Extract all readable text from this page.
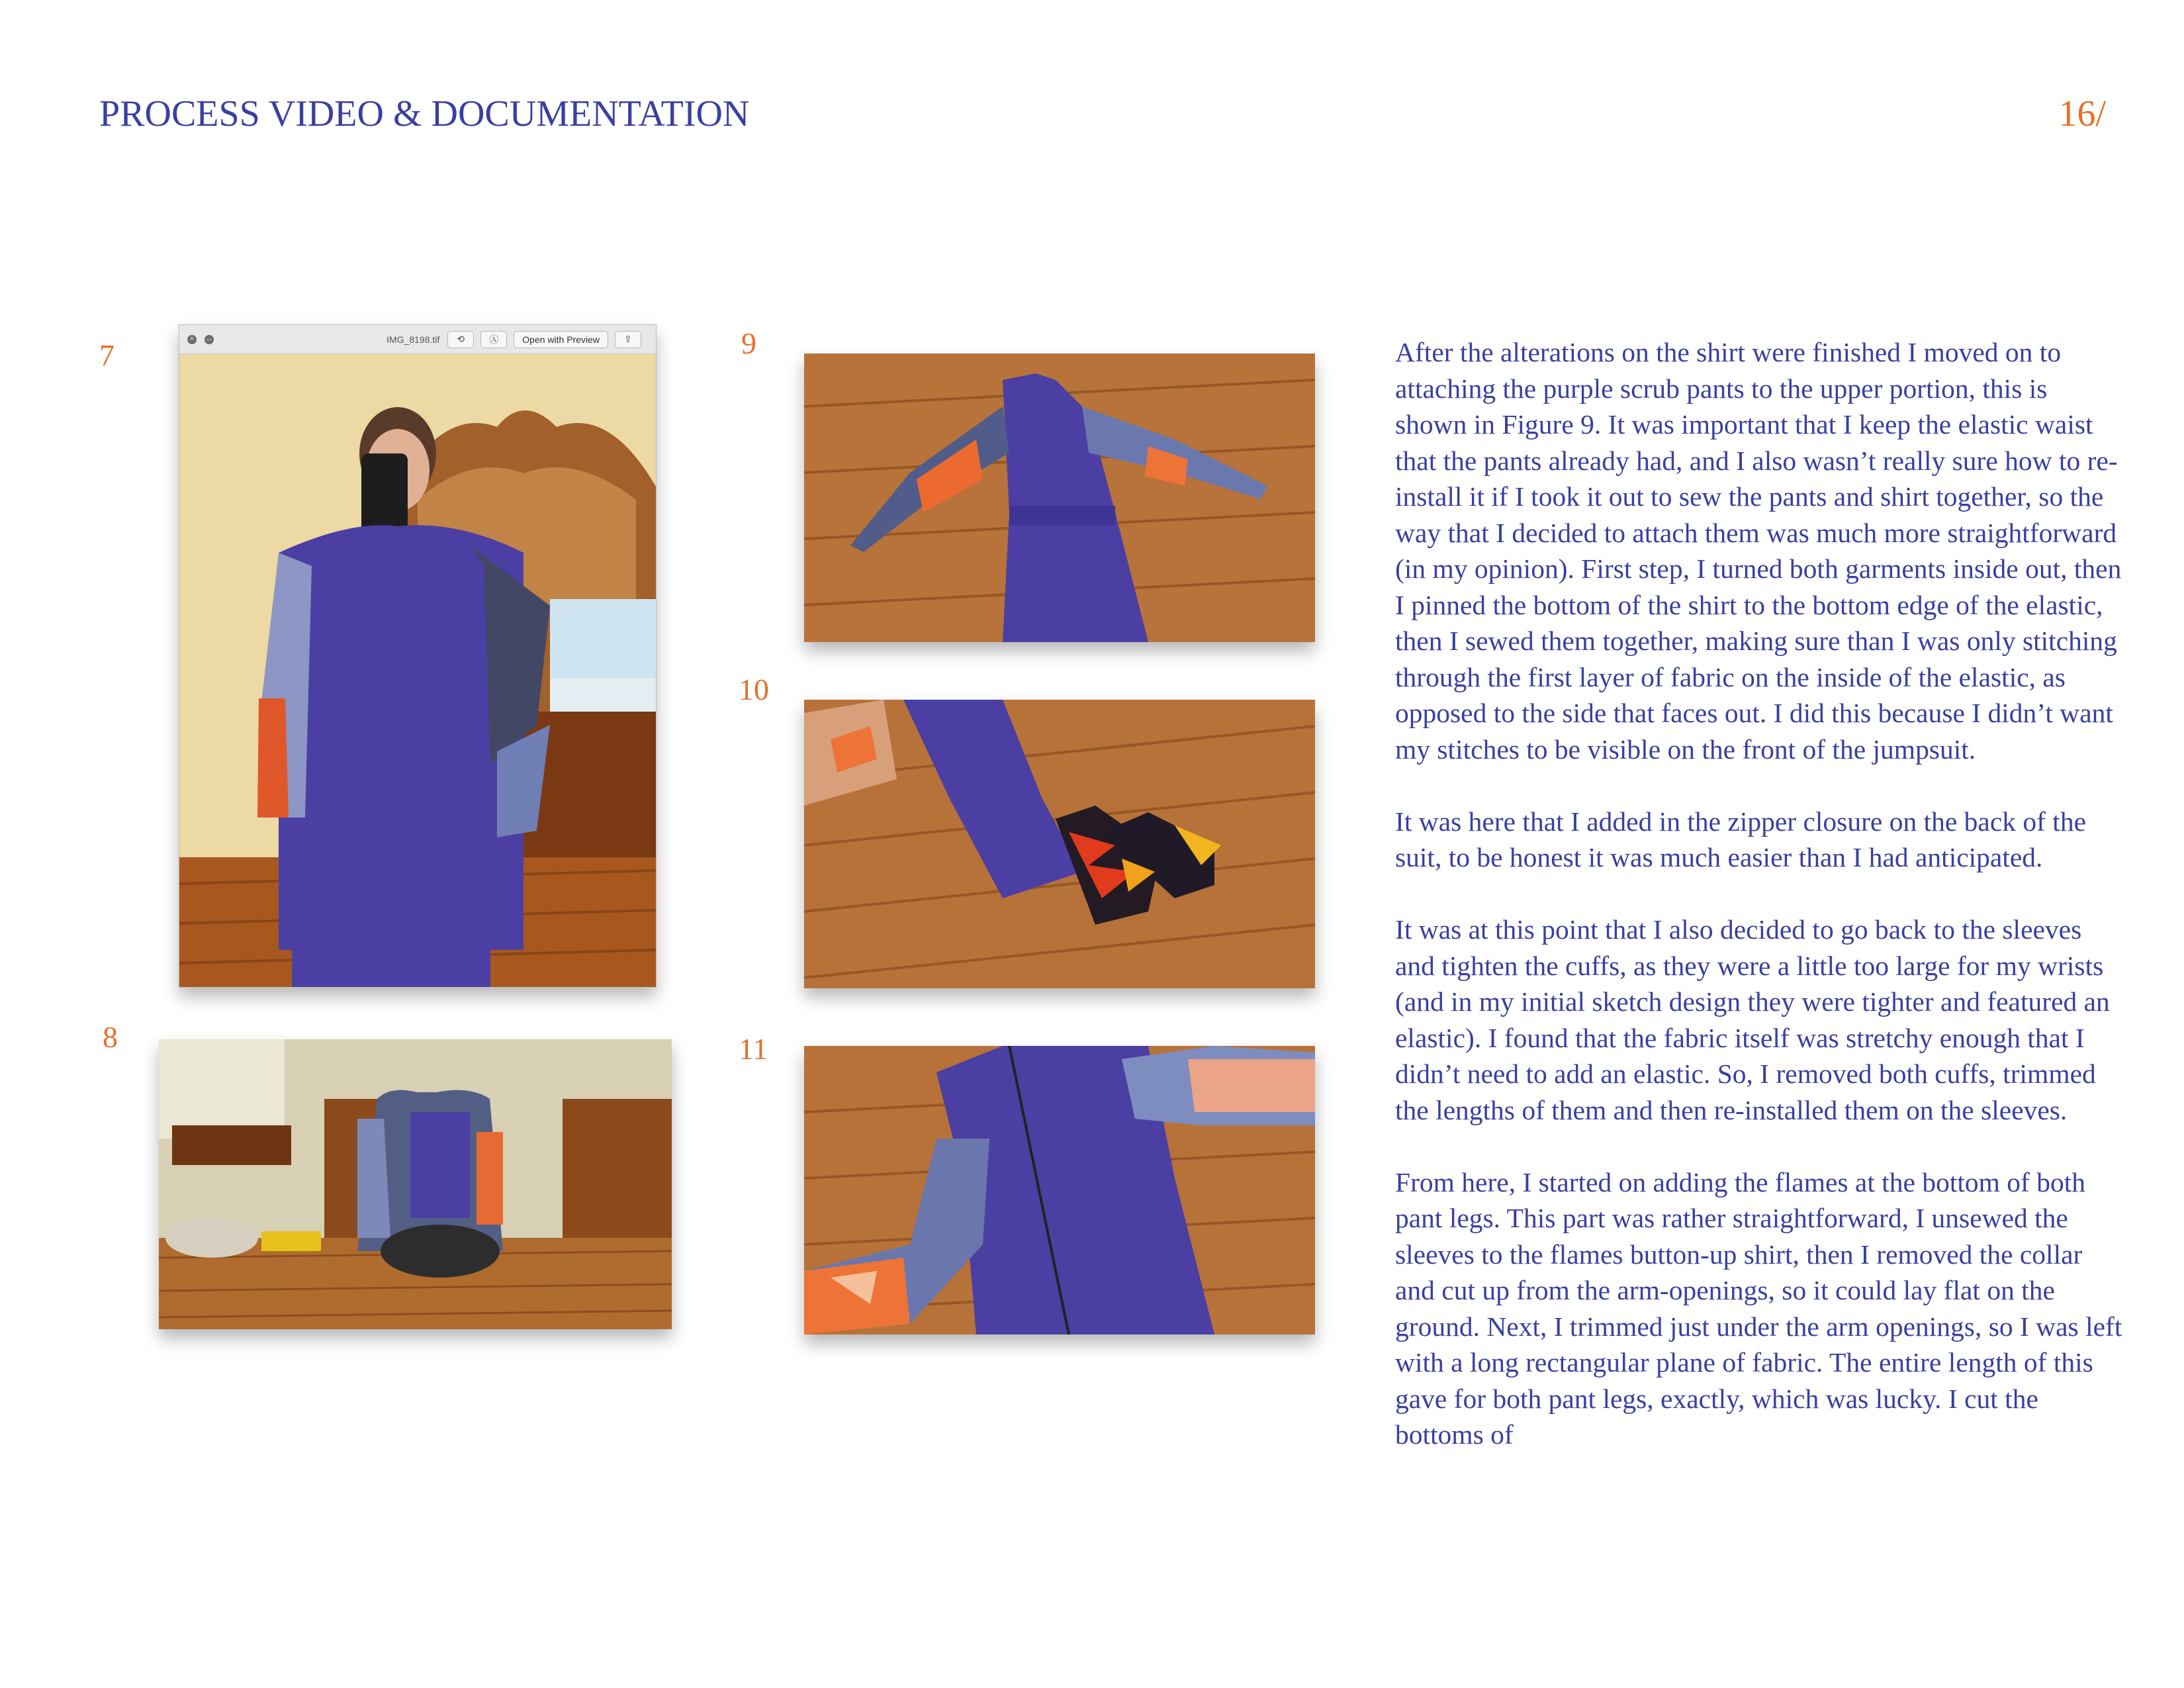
PROCESS VIDEO & DOCUMENTATION	16/
7
8
9
10
11
×	↔	IMG_8198.tif	⟲	Ⓐ	Open with Preview	⇪	After the alterations on the shirt were finished I moved on to attaching the purple scrub pants to the upper portion, this is shown in Figure 9. It was important that I keep the elastic waist that the pants already had, and I also wasn’t really sure how to re-install it if I took it out to sew the pants and shirt together, so the way that I decided to attach them was much more straightforward (in my opinion). First step, I turned both garments inside out, then I pinned the bottom of the shirt to the bottom edge of the elastic, then I sewed them together, making sure than I was only stitching through the first layer of fabric on the inside of the elastic, as opposed to the side that faces out. I did this because I didn’t want my stitches to be visible on the front of the jumpsuit.

It was here that I added in the zipper closure on the back of the suit, to be honest it was much easier than I had anticipated.

It was at this point that I also decided to go back to the sleeves and tighten the cuffs, as they were a little too large for my wrists (and in my initial sketch design they were tighter and featured an elastic). I found that the fabric itself was stretchy enough that I didn’t need to add an elastic. So, I removed both cuffs, trimmed the lengths of them and then re-installed them on the sleeves.

From here, I started on adding the flames at the bottom of both pant legs. This part was rather straightforward, I unsewed the sleeves to the flames button-up shirt, then I removed the collar and cut up from the arm-openings, so it could lay flat on the ground. Next, I trimmed just under the arm openings, so I was left with a long rectangular plane of fabric. The entire length of this gave for both pant legs, exactly, which was lucky. I cut the bottoms of
